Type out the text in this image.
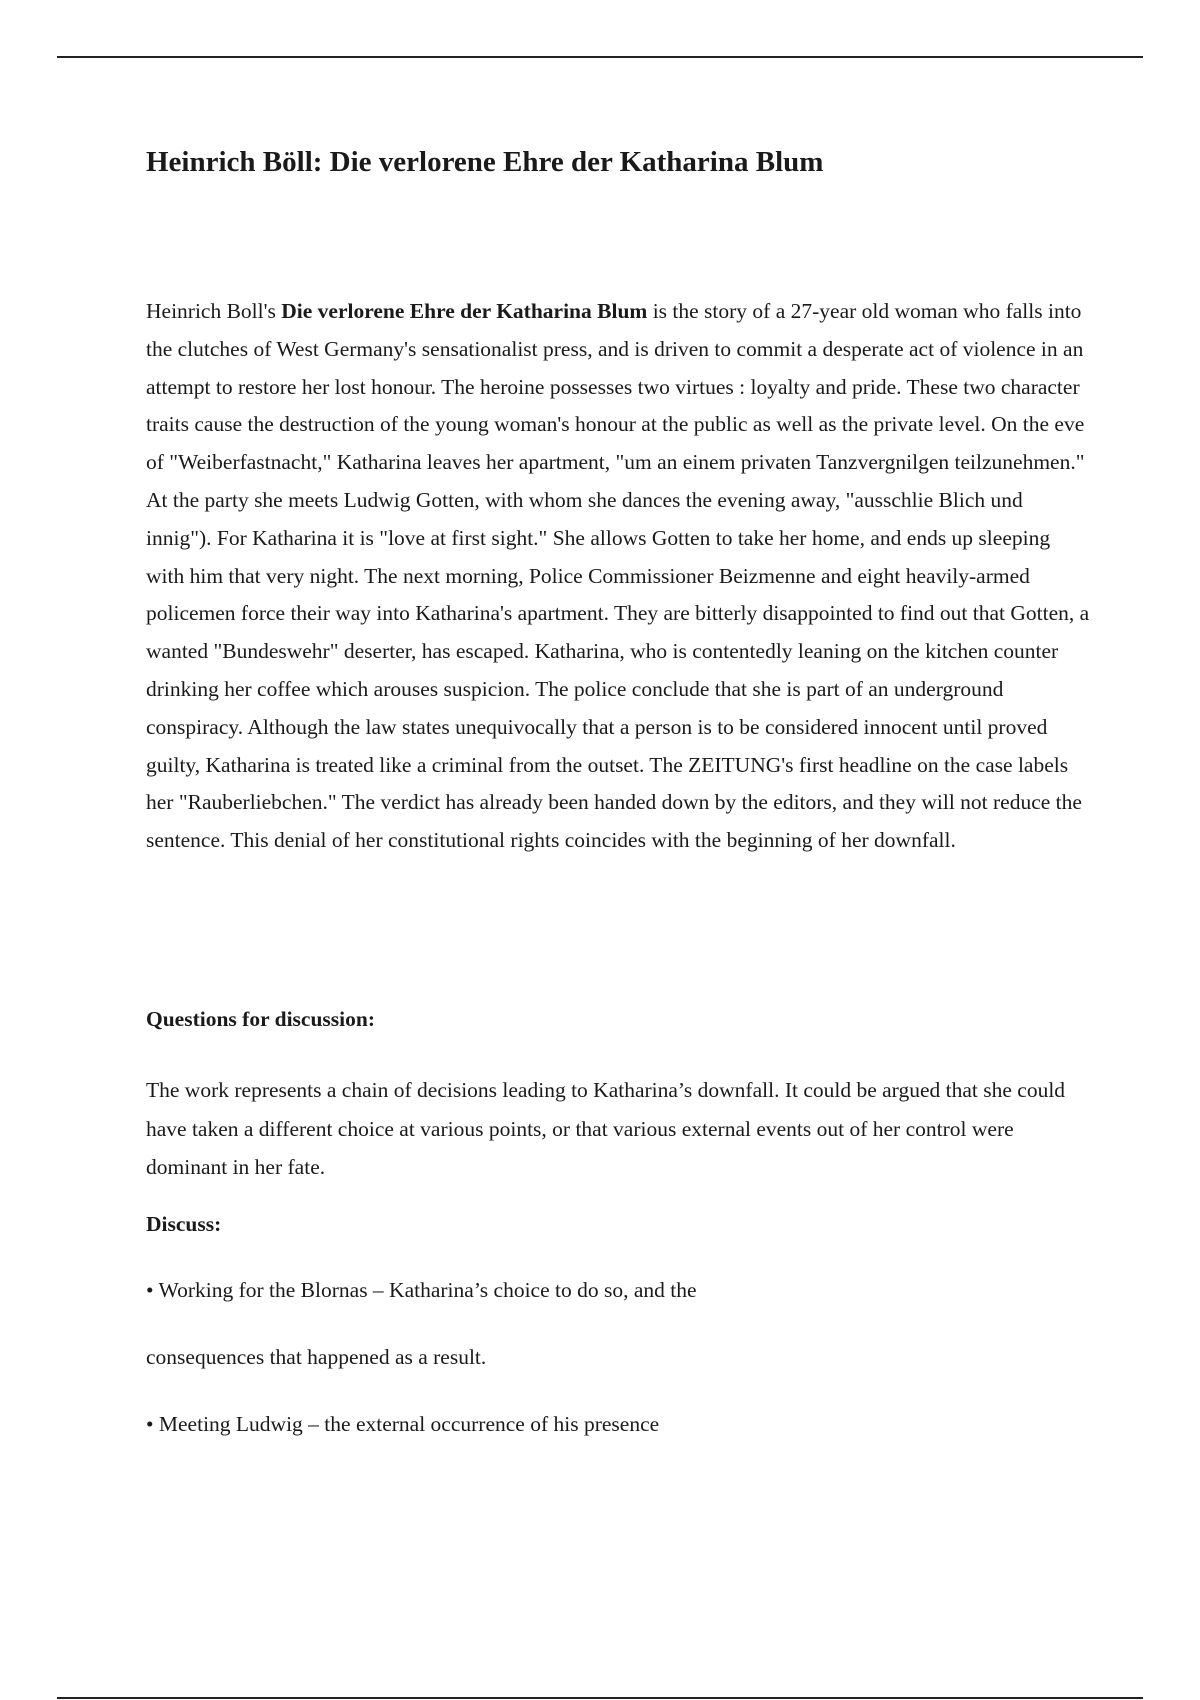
Heinrich Böll: Die verlorene Ehre der Katharina Blum

Heinrich Boll's Die verlorene Ehre der Katharina Blum is the story of a 27-year old woman who falls into the clutches of West Germany's sensationalist press, and is driven to commit a desperate act of violence in an attempt to restore her lost honour. The heroine possesses two virtues : loyalty and pride. These two character traits cause the destruction of the young woman's honour at the public as well as the private level. On the eve of "Weiberfastnacht," Katharina leaves her apartment, "um an einem privaten Tanzvergnilgen teilzunehmen." At the party she meets Ludwig Gotten, with whom she dances the evening away, "ausschlie Blich und innig"). For Katharina it is "love at first sight." She allows Gotten to take her home, and ends up sleeping with him that very night. The next morning, Police Commissioner Beizmenne and eight heavily-armed policemen force their way into Katharina's apartment. They are bitterly disappointed to find out that Gotten, a wanted "Bundeswehr" deserter, has escaped. Katharina, who is contentedly leaning on the kitchen counter drinking her coffee which arouses suspicion. The police conclude that she is part of an underground conspiracy. Although the law states unequivocally that a person is to be considered innocent until proved guilty, Katharina is treated like a criminal from the outset. The ZEITUNG's first headline on the case labels her "Rauberliebchen." The verdict has already been handed down by the editors, and they will not reduce the sentence. This denial of her constitutional rights coincides with the beginning of her downfall.

Questions for discussion:

The work represents a chain of decisions leading to Katharina’s downfall. It could be argued that she could have taken a different choice at various points, or that various external events out of her control were dominant in her fate.

Discuss:

• Working for the Blornas – Katharina’s choice to do so, and the

consequences that happened as a result.

• Meeting Ludwig – the external occurrence of his presence
